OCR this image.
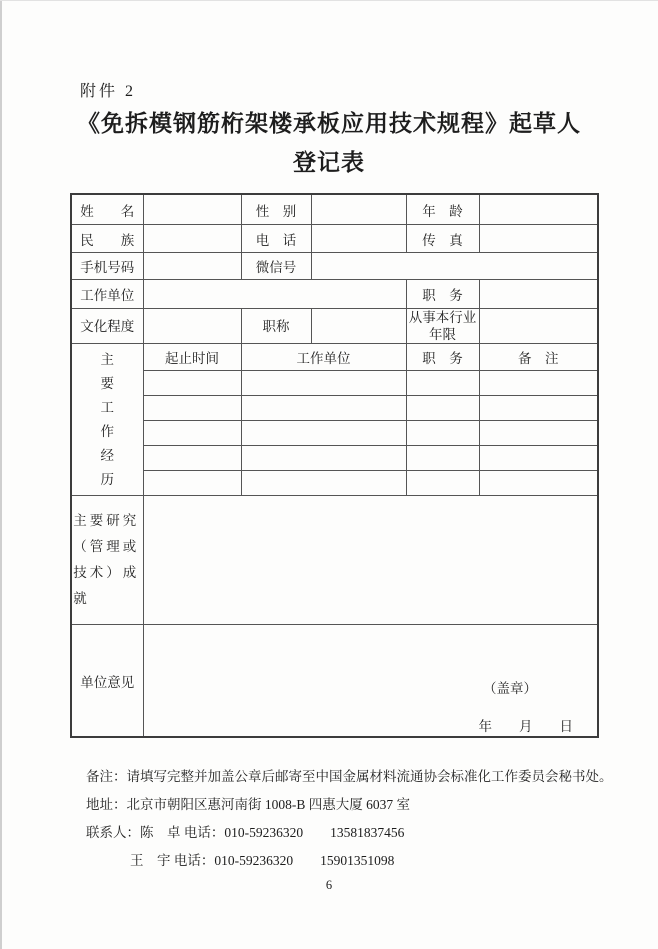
附件 2
《免拆模钢筋桁架楼承板应用技术规程》起草人
登记表
姓　　名		性　别		年　龄	
民　　族		电　话		传　真	
手机号码		微信号			
工作单位				职　务	
文化程度		职称		从事本行业年限	

主要工作经历	起止时间	工作单位		职　务	备　注

主要研究（管理或技术）成就					

单位意见	（盖章）
年　　月　　日				
备注：请填写完整并加盖公章后邮寄至中国金属材料流通协会标准化工作委员会秘书处。
地址：北京市朝阳区惠河南街 1008-B 四惠大厦 6037 室
联系人：陈　卓 电话：010-59236320　　13581837456
王　宇 电话：010-59236320　　15901351098
6
